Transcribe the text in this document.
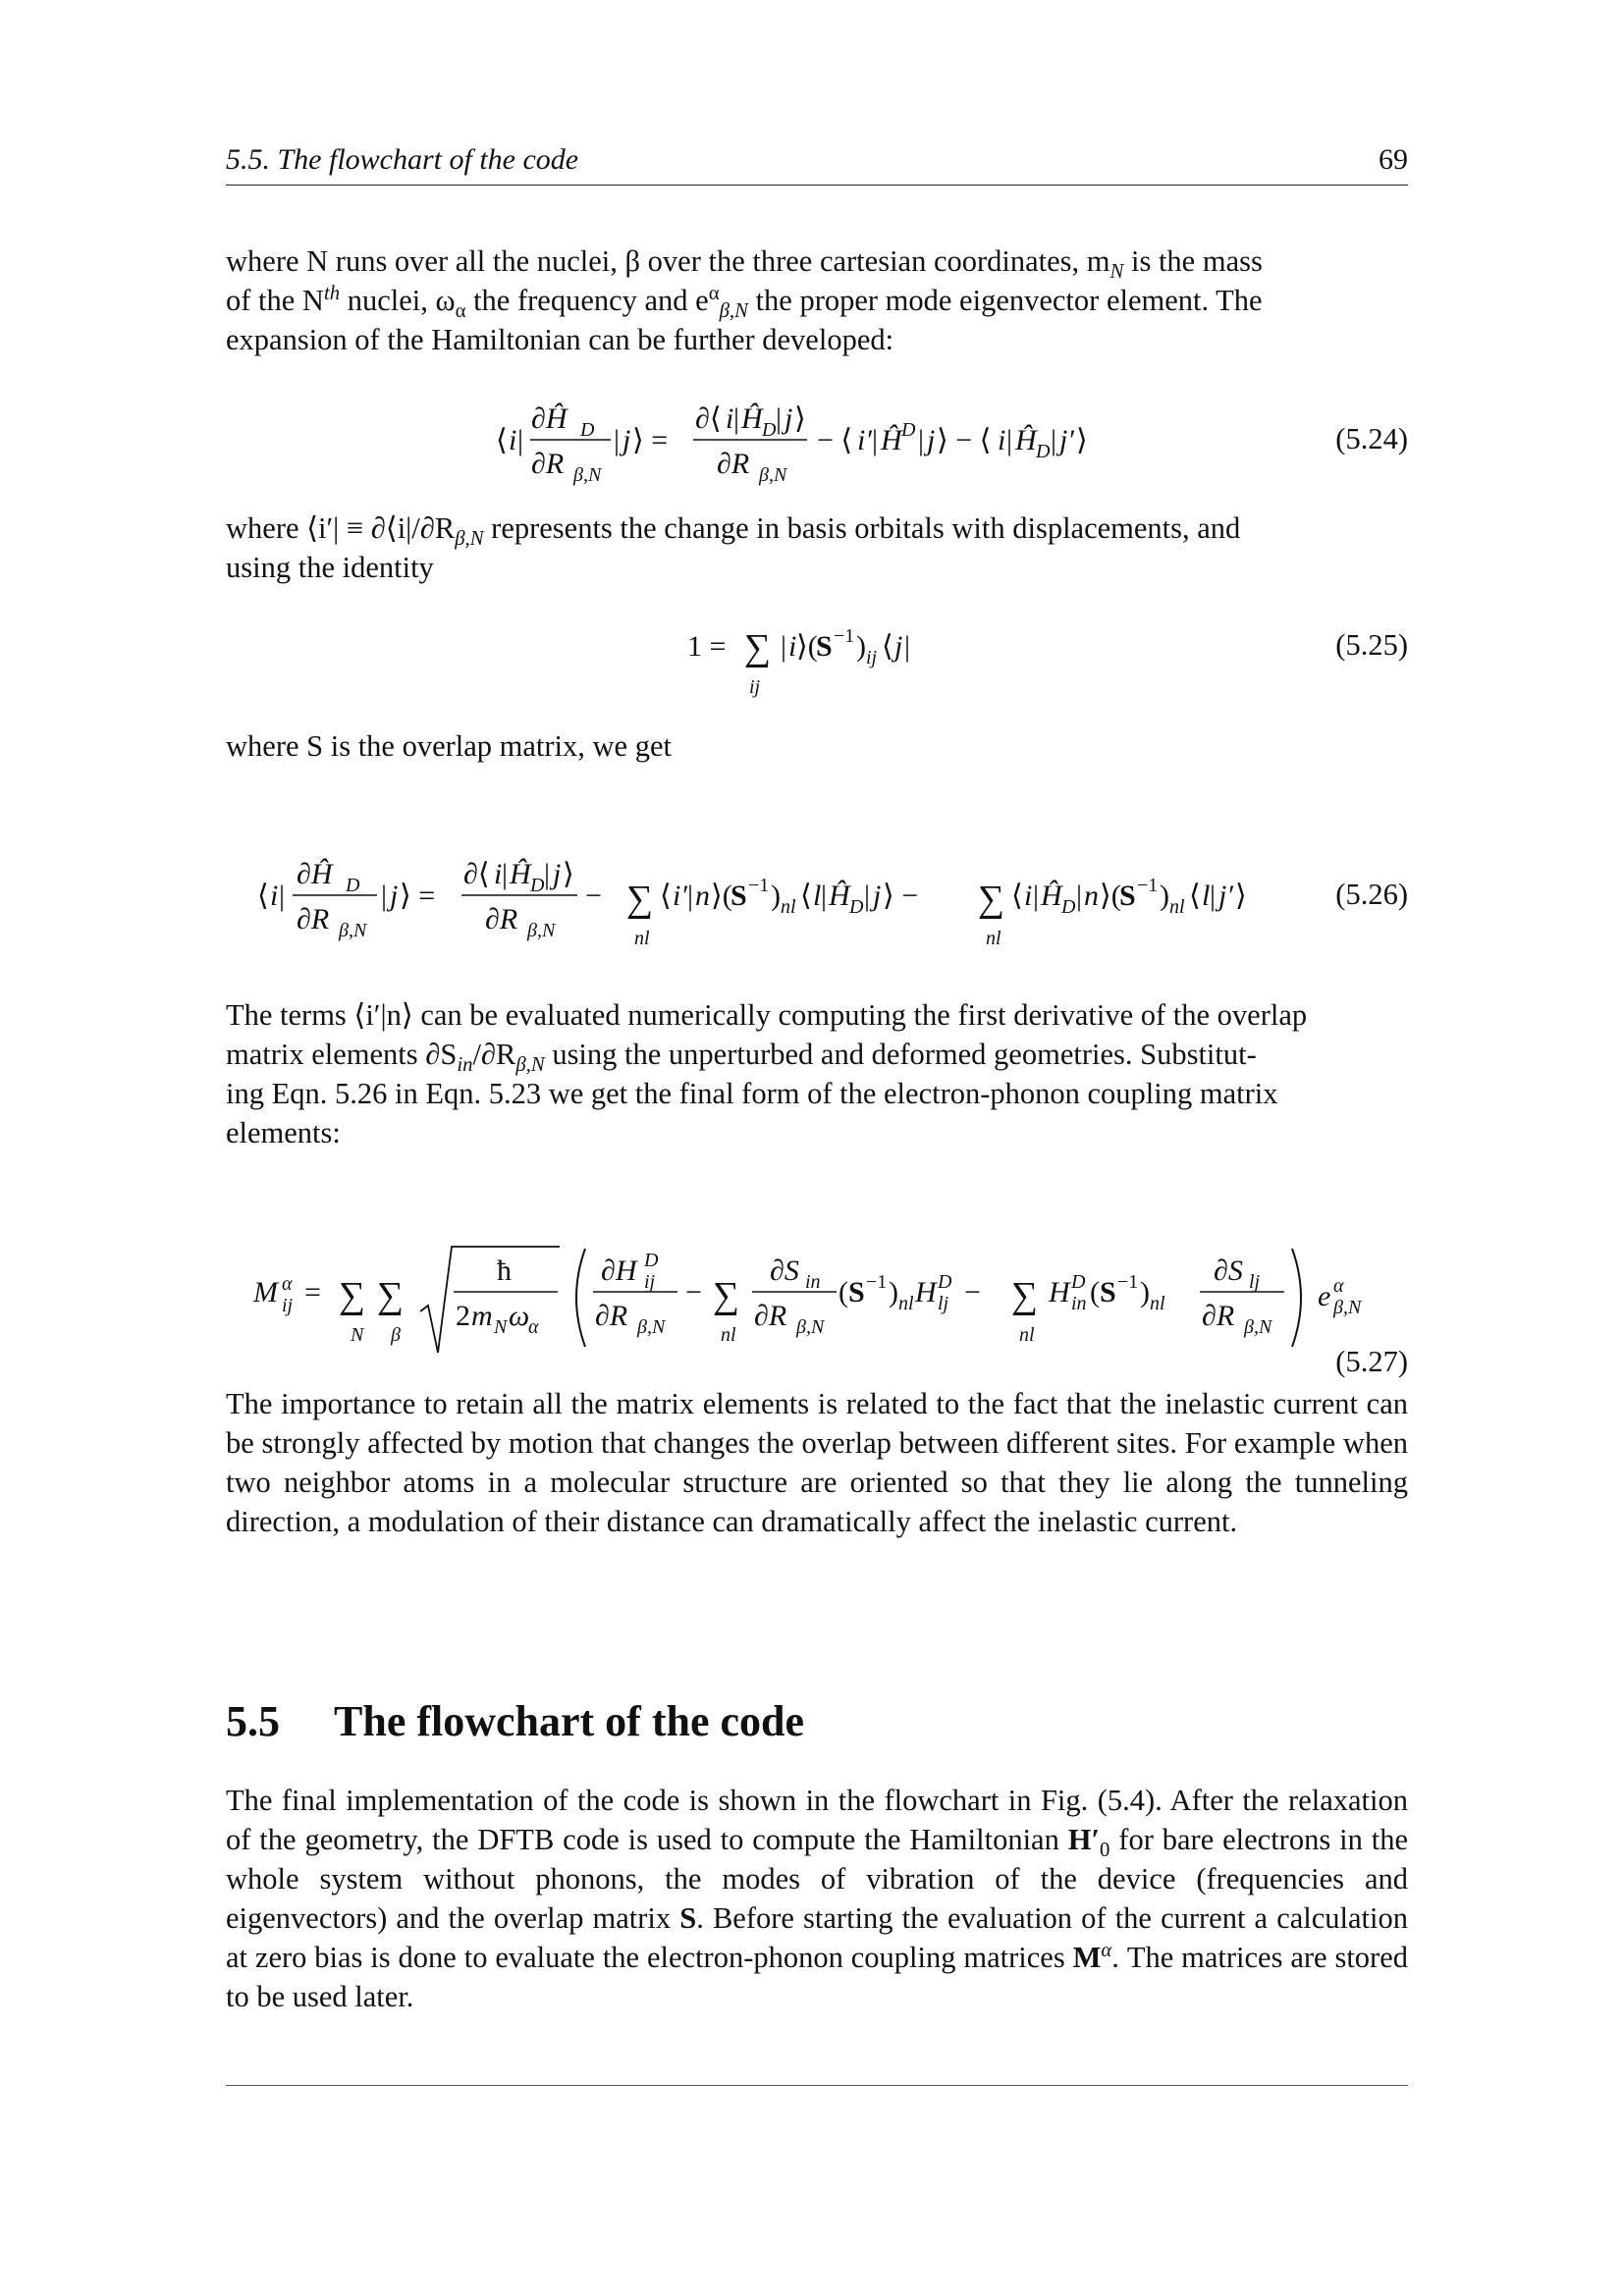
5.5. The flowchart of the code	69
where N runs over all the nuclei, β over the three cartesian coordinates, $m_N$ is the mass
of the $N^{th}$ nuclei, $\omega_\alpha$ the frequency and $e^\alpha_{\beta,N}$ the proper mode eigenvector element. The
expansion of the Hamiltonian can be further developed:
⟨ i |
∂Ĥ D
∂R β,N
| j ⟩ =
∂⟨ i | Ĥ D | j ⟩
∂R β,N
− ⟨ i′ | Ĥ D | j ⟩ − ⟨ i | Ĥ D | j′ ⟩	(5.24)
where ⟨i′| ≡ $\partial⟨i|/\partial R_{\beta,N}$ represents the change in basis orbitals with displacements, and
using the identity
1 = ∑
ij
| i ⟩(
S −1 ) ij ⟨ j |	(5.25)
where S is the overlap matrix, we get
⟨ i |
∂Ĥ D
∂R β,N
| j ⟩ =
∂⟨ i | Ĥ D | j ⟩
∂R β,N
− ∑
nl
⟨ i′ | n ⟩(
S −1 ) nl ⟨ l | Ĥ D | j ⟩ − ∑
nl
⟨ i | Ĥ D | n ⟩(
S −1 ) nl ⟨ l | j′ ⟩	(5.26)
The terms ⟨i′|n⟩ can be evaluated numerically computing the first derivative of the overlap
matrix elements $\partial S_{in}/\partial R_{\beta,N}$ using the unperturbed and deformed geometries. Substitut-
ing Eqn. 5.26 in Eqn. 5.23 we get the final form of the electron-phonon coupling matrix
elements:
M α
ij = ∑
N
∑
β
ħ
2 m N ω
α
∂H D
ij
∂R β,N
− ∑
nl
∂S in
∂R β,N
( S −1 ) nl H D
lj − ∑
nl
H D
in ( S −1 ) nl
∂S lj
∂R β,N
e α
β,N
(5.27)
The importance to retain all the matrix elements is related to the fact that the inelastic current can be strongly affected by motion that changes the overlap between different sites. For example when two neighbor atoms in a molecular structure are oriented so that they lie along the tunneling direction, a modulation of their distance can dramatically affect the inelastic current.
5.5 The flowchart of the code
The final implementation of the code is shown in the flowchart in Fig. (5.4). After the relaxation of the geometry, the DFTB code is used to compute the Hamiltonian $H'_0$ for bare electrons in the whole system without phonons, the modes of vibration of the device (frequencies and eigenvectors) and the overlap matrix S. Before starting the evaluation of the current a calculation at zero bias is done to evaluate the electron-phonon coupling matrices $M^\alpha$. The matrices are stored to be used later.
